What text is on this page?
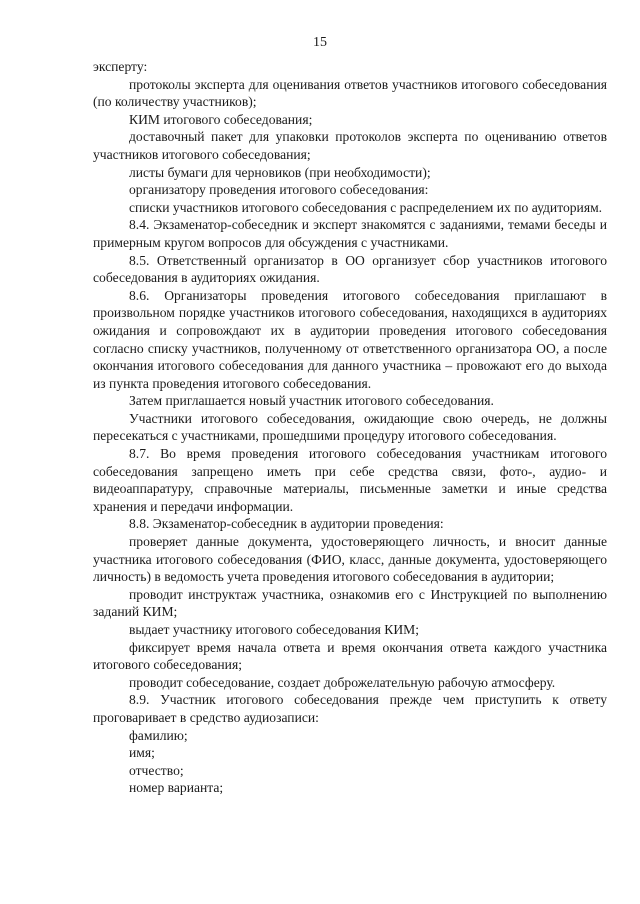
15

эксперту:

протоколы эксперта для оценивания ответов участников итогового собеседования (по количеству участников);

КИМ итогового собеседования;

доставочный пакет для упаковки протоколов эксперта по оцениванию ответов участников итогового собеседования;

листы бумаги для черновиков (при необходимости);

организатору проведения итогового собеседования:

списки участников итогового собеседования с распределением их по аудиториям.

8.4. Экзаменатор-собеседник и эксперт знакомятся с заданиями, темами беседы и примерным кругом вопросов для обсуждения с участниками.

8.5. Ответственный организатор в ОО организует сбор участников итогового собеседования в аудиториях ожидания.

8.6. Организаторы проведения итогового собеседования приглашают в произвольном порядке участников итогового собеседования, находящихся в аудиториях ожидания и сопровождают их в аудитории проведения итогового собеседования согласно списку участников, полученному от ответственного организатора ОО, а после окончания итогового собеседования для данного участника – провожают его до выхода из пункта проведения итогового собеседования.

Затем приглашается новый участник итогового собеседования.

Участники итогового собеседования, ожидающие свою очередь, не должны пересекаться с участниками, прошедшими процедуру итогового собеседования.

8.7. Во время проведения итогового собеседования участникам итогового собеседования запрещено иметь при себе средства связи, фото-, аудио- и видеоаппаратуру, справочные материалы, письменные заметки и иные средства хранения и передачи информации.

8.8. Экзаменатор-собеседник в аудитории проведения:

проверяет данные документа, удостоверяющего личность, и вносит данные участника итогового собеседования (ФИО, класс, данные документа, удостоверяющего личность) в ведомость учета проведения итогового собеседования в аудитории;

проводит инструктаж участника, ознакомив его с Инструкцией по выполнению заданий КИМ;

выдает участнику итогового собеседования КИМ;

фиксирует время начала ответа и время окончания ответа каждого участника итогового собеседования;

проводит собеседование, создает доброжелательную рабочую атмосферу.

8.9. Участник итогового собеседования прежде чем приступить к ответу проговаривает в средство аудиозаписи:

фамилию;

имя;

отчество;

номер варианта;
